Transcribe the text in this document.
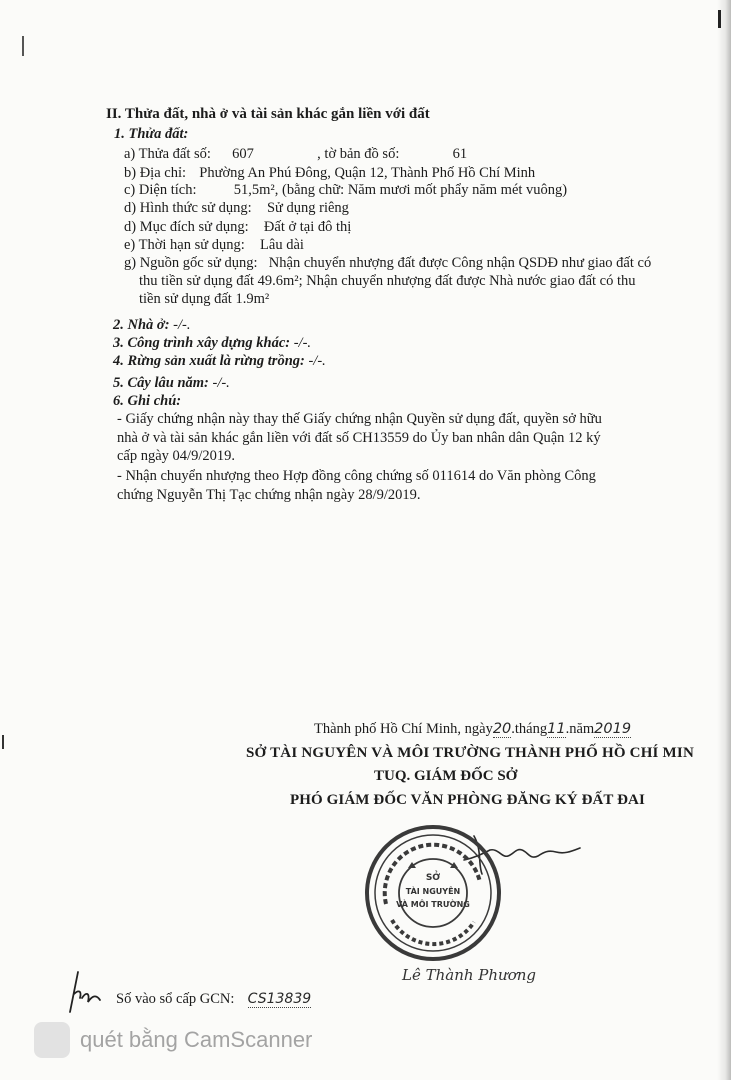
II. Thửa đất, nhà ở và tài sản khác gắn liền với đất
1. Thửa đất:
a) Thửa đất số: 607	, tờ bản đồ số:	61
b) Địa chỉ: Phường An Phú Đông, Quận 12, Thành Phố Hồ Chí Minh
c) Diện tích:	51,5m², (bằng chữ: Năm mươi mốt phẩy năm mét vuông)
d) Hình thức sử dụng: Sử dụng riêng
d) Mục đích sử dụng: Đất ở tại đô thị
e) Thời hạn sử dụng: Lâu dài
g) Nguồn gốc sử dụng: Nhận chuyển nhượng đất được Công nhận QSDĐ như giao đất có
thu tiền sử dụng đất 49.6m²; Nhận chuyển nhượng đất được Nhà nước giao đất có thu
tiền sử dụng đất 1.9m²
2. Nhà ở: -/-.
3. Công trình xây dựng khác: -/-.
4. Rừng sản xuất là rừng trồng: -/-.
5. Cây lâu năm: -/-.
6. Ghi chú:
- Giấy chứng nhận này thay thế Giấy chứng nhận Quyền sử dụng đất, quyền sở hữu
nhà ở và tài sản khác gắn liền với đất số CH13559 do Ủy ban nhân dân Quận 12 ký
cấp ngày 04/9/2019.
- Nhận chuyển nhượng theo Hợp đồng công chứng số 011614 do Văn phòng Công
chứng Nguyễn Thị Tạc chứng nhận ngày 28/9/2019.
Thành phố Hồ Chí Minh, ngày20.tháng11.năm2019
SỞ TÀI NGUYÊN VÀ MÔI TRƯỜNG THÀNH PHỐ HỒ CHÍ MIN
TUQ. GIÁM ĐỐC SỞ
PHÓ GIÁM ĐỐC VĂN PHÒNG ĐĂNG KÝ ĐẤT ĐAI
SỞ
TÀI NGUYÊN
VÀ MÔI TRƯỜNG
Lê Thành Phương
Số vào sổ cấp GCN: CS13839
quét bằng CamScanner
